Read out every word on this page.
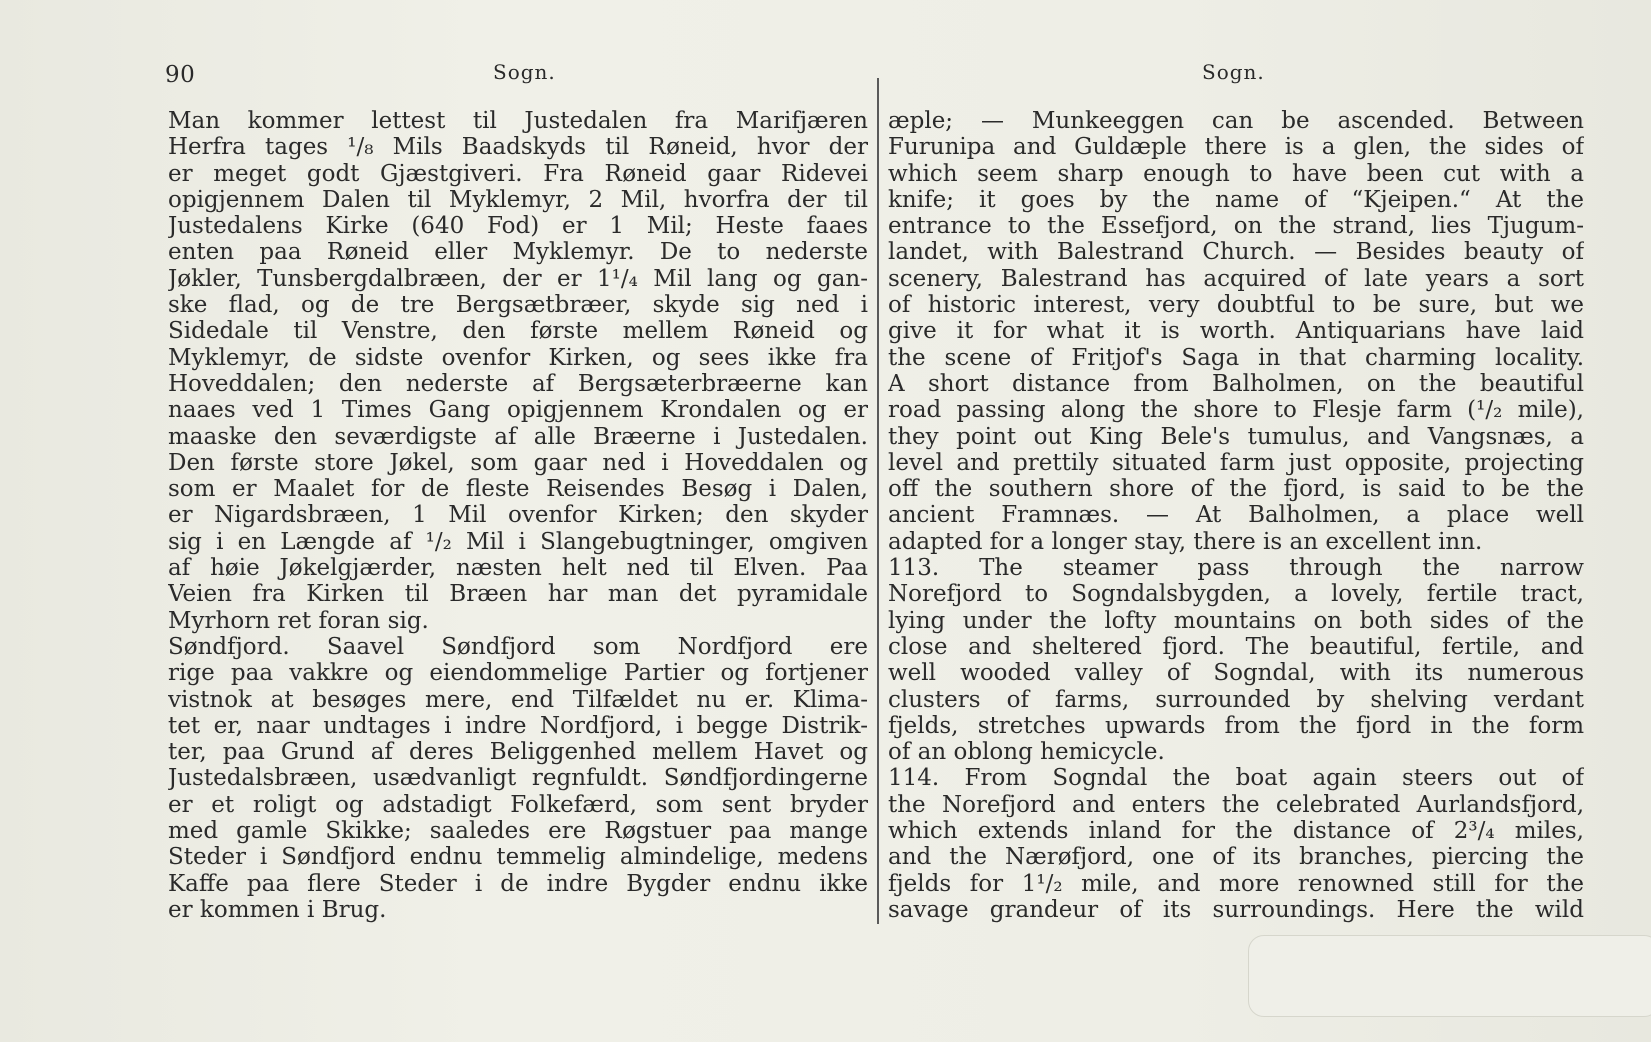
90	Sogn.	Sogn.
Man kommer lettest til Justedalen fra Marifjæren
Herfra tages ¹/₈ Mils Baadskyds til Røneid, hvor der
er meget godt Gjæstgiveri. Fra Røneid gaar Ridevei
opigjennem Dalen til Myklemyr, 2 Mil, hvorfra der til
Justedalens Kirke (640 Fod) er 1 Mil; Heste faaes
enten paa Røneid eller Myklemyr. De to nederste
Jøkler, Tunsbergdalbræen, der er 1¹/₄ Mil lang og gan-
ske flad, og de tre Bergsætbræer, skyde sig ned i
Sidedale til Venstre, den første mellem Røneid og
Myklemyr, de sidste ovenfor Kirken, og sees ikke fra
Hoveddalen; den nederste af Bergsæterbræerne kan
naaes ved 1 Times Gang opigjennem Krondalen og er
maaske den seværdigste af alle Bræerne i Justedalen.
Den første store Jøkel, som gaar ned i Hoveddalen og
som er Maalet for de fleste Reisendes Besøg i Dalen,
er Nigardsbræen, 1 Mil ovenfor Kirken; den skyder
sig i en Længde af ¹/₂ Mil i Slangebugtninger, omgiven
af høie Jøkelgjærder, næsten helt ned til Elven. Paa
Veien fra Kirken til Bræen har man det pyramidale
Myrhorn ret foran sig.
Søndfjord. Saavel Søndfjord som Nordfjord ere
rige paa vakkre og eiendommelige Partier og fortjener
vistnok at besøges mere, end Tilfældet nu er. Klima-
tet er, naar undtages i indre Nordfjord, i begge Distrik-
ter, paa Grund af deres Beliggenhed mellem Havet og
Justedalsbræen, usædvanligt regnfuldt. Søndfjordingerne
er et roligt og adstadigt Folkefærd, som sent bryder
med gamle Skikke; saaledes ere Røgstuer paa mange
Steder i Søndfjord endnu temmelig almindelige, medens
Kaffe paa flere Steder i de indre Bygder endnu ikke
er kommen i Brug.
æple; — Munkeeggen can be ascended. Between
Furunipa and Guldæple there is a glen, the sides of
which seem sharp enough to have been cut with a
knife; it goes by the name of “Kjeipen.“ At the
entrance to the Essefjord, on the strand, lies Tjugum-
landet, with Balestrand Church. — Besides beauty of
scenery, Balestrand has acquired of late years a sort
of historic interest, very doubtful to be sure, but we
give it for what it is worth. Antiquarians have laid
the scene of Fritjof's Saga in that charming locality.
A short distance from Balholmen, on the beautiful
road passing along the shore to Flesje farm (¹/₂ mile),
they point out King Bele's tumulus, and Vangsnæs, a
level and prettily situated farm just opposite, projecting
off the southern shore of the fjord, is said to be the
ancient Framnæs. — At Balholmen, a place well
adapted for a longer stay, there is an excellent inn.
113. The steamer pass through the narrow
Norefjord to Sogndalsbygden, a lovely, fertile tract,
lying under the lofty mountains on both sides of the
close and sheltered fjord. The beautiful, fertile, and
well wooded valley of Sogndal, with its numerous
clusters of farms, surrounded by shelving verdant
fjelds, stretches upwards from the fjord in the form
of an oblong hemicycle.
114. From Sogndal the boat again steers out of
the Norefjord and enters the celebrated Aurlandsfjord,
which extends inland for the distance of 2³/₄ miles,
and the Nærøfjord, one of its branches, piercing the
fjelds for 1¹/₂ mile, and more renowned still for the
savage grandeur of its surroundings. Here the wild
